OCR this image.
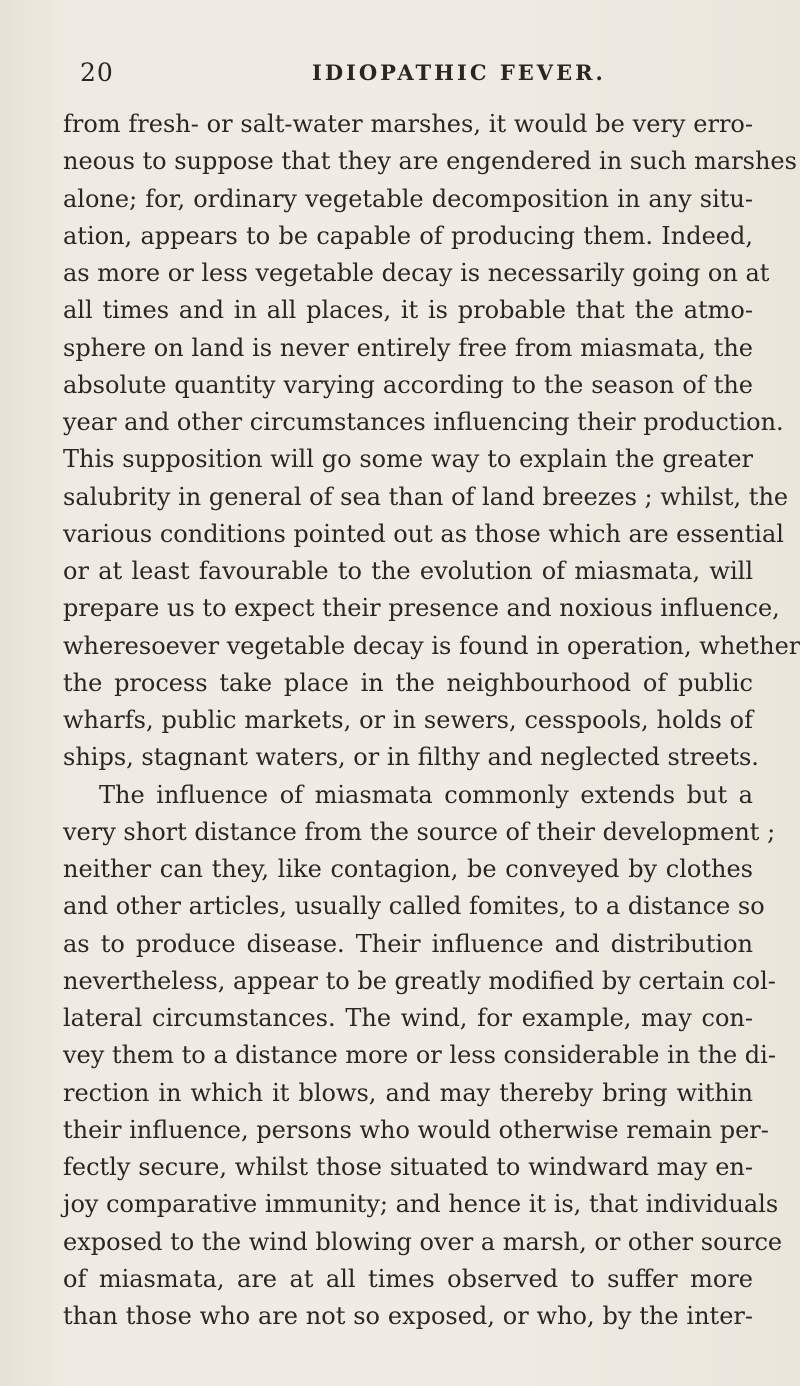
20	IDIOPATHIC FEVER.
from fresh- or salt-water marshes, it would be very erro-
neous to suppose that they are engendered in such marshes
alone; for, ordinary vegetable decomposition in any situ-
ation, appears to be capable of producing them. Indeed,
as more or less vegetable decay is necessarily going on at
all times and in all places, it is probable that the atmo-
sphere on land is never entirely free from miasmata, the
absolute quantity varying according to the season of the
year and other circumstances influencing their production.
This supposition will go some way to explain the greater
salubrity in general of sea than of land breezes ; whilst, the
various conditions pointed out as those which are essential
or at least favourable to the evolution of miasmata, will
prepare us to expect their presence and noxious influence,
wheresoever vegetable decay is found in operation, whether
the process take place in the neighbourhood of public
wharfs, public markets, or in sewers, cesspools, holds of
ships, stagnant waters, or in filthy and neglected streets.
The influence of miasmata commonly extends but a
very short distance from the source of their development ;
neither can they, like contagion, be conveyed by clothes
and other articles, usually called fomites, to a distance so
as to produce disease. Their influence and distribution
nevertheless, appear to be greatly modified by certain col-
lateral circumstances. The wind, for example, may con-
vey them to a distance more or less considerable in the di-
rection in which it blows, and may thereby bring within
their influence, persons who would otherwise remain per-
fectly secure, whilst those situated to windward may en-
joy comparative immunity; and hence it is, that individuals
exposed to the wind blowing over a marsh, or other source
of miasmata, are at all times observed to suffer more
than those who are not so exposed, or who, by the inter-
